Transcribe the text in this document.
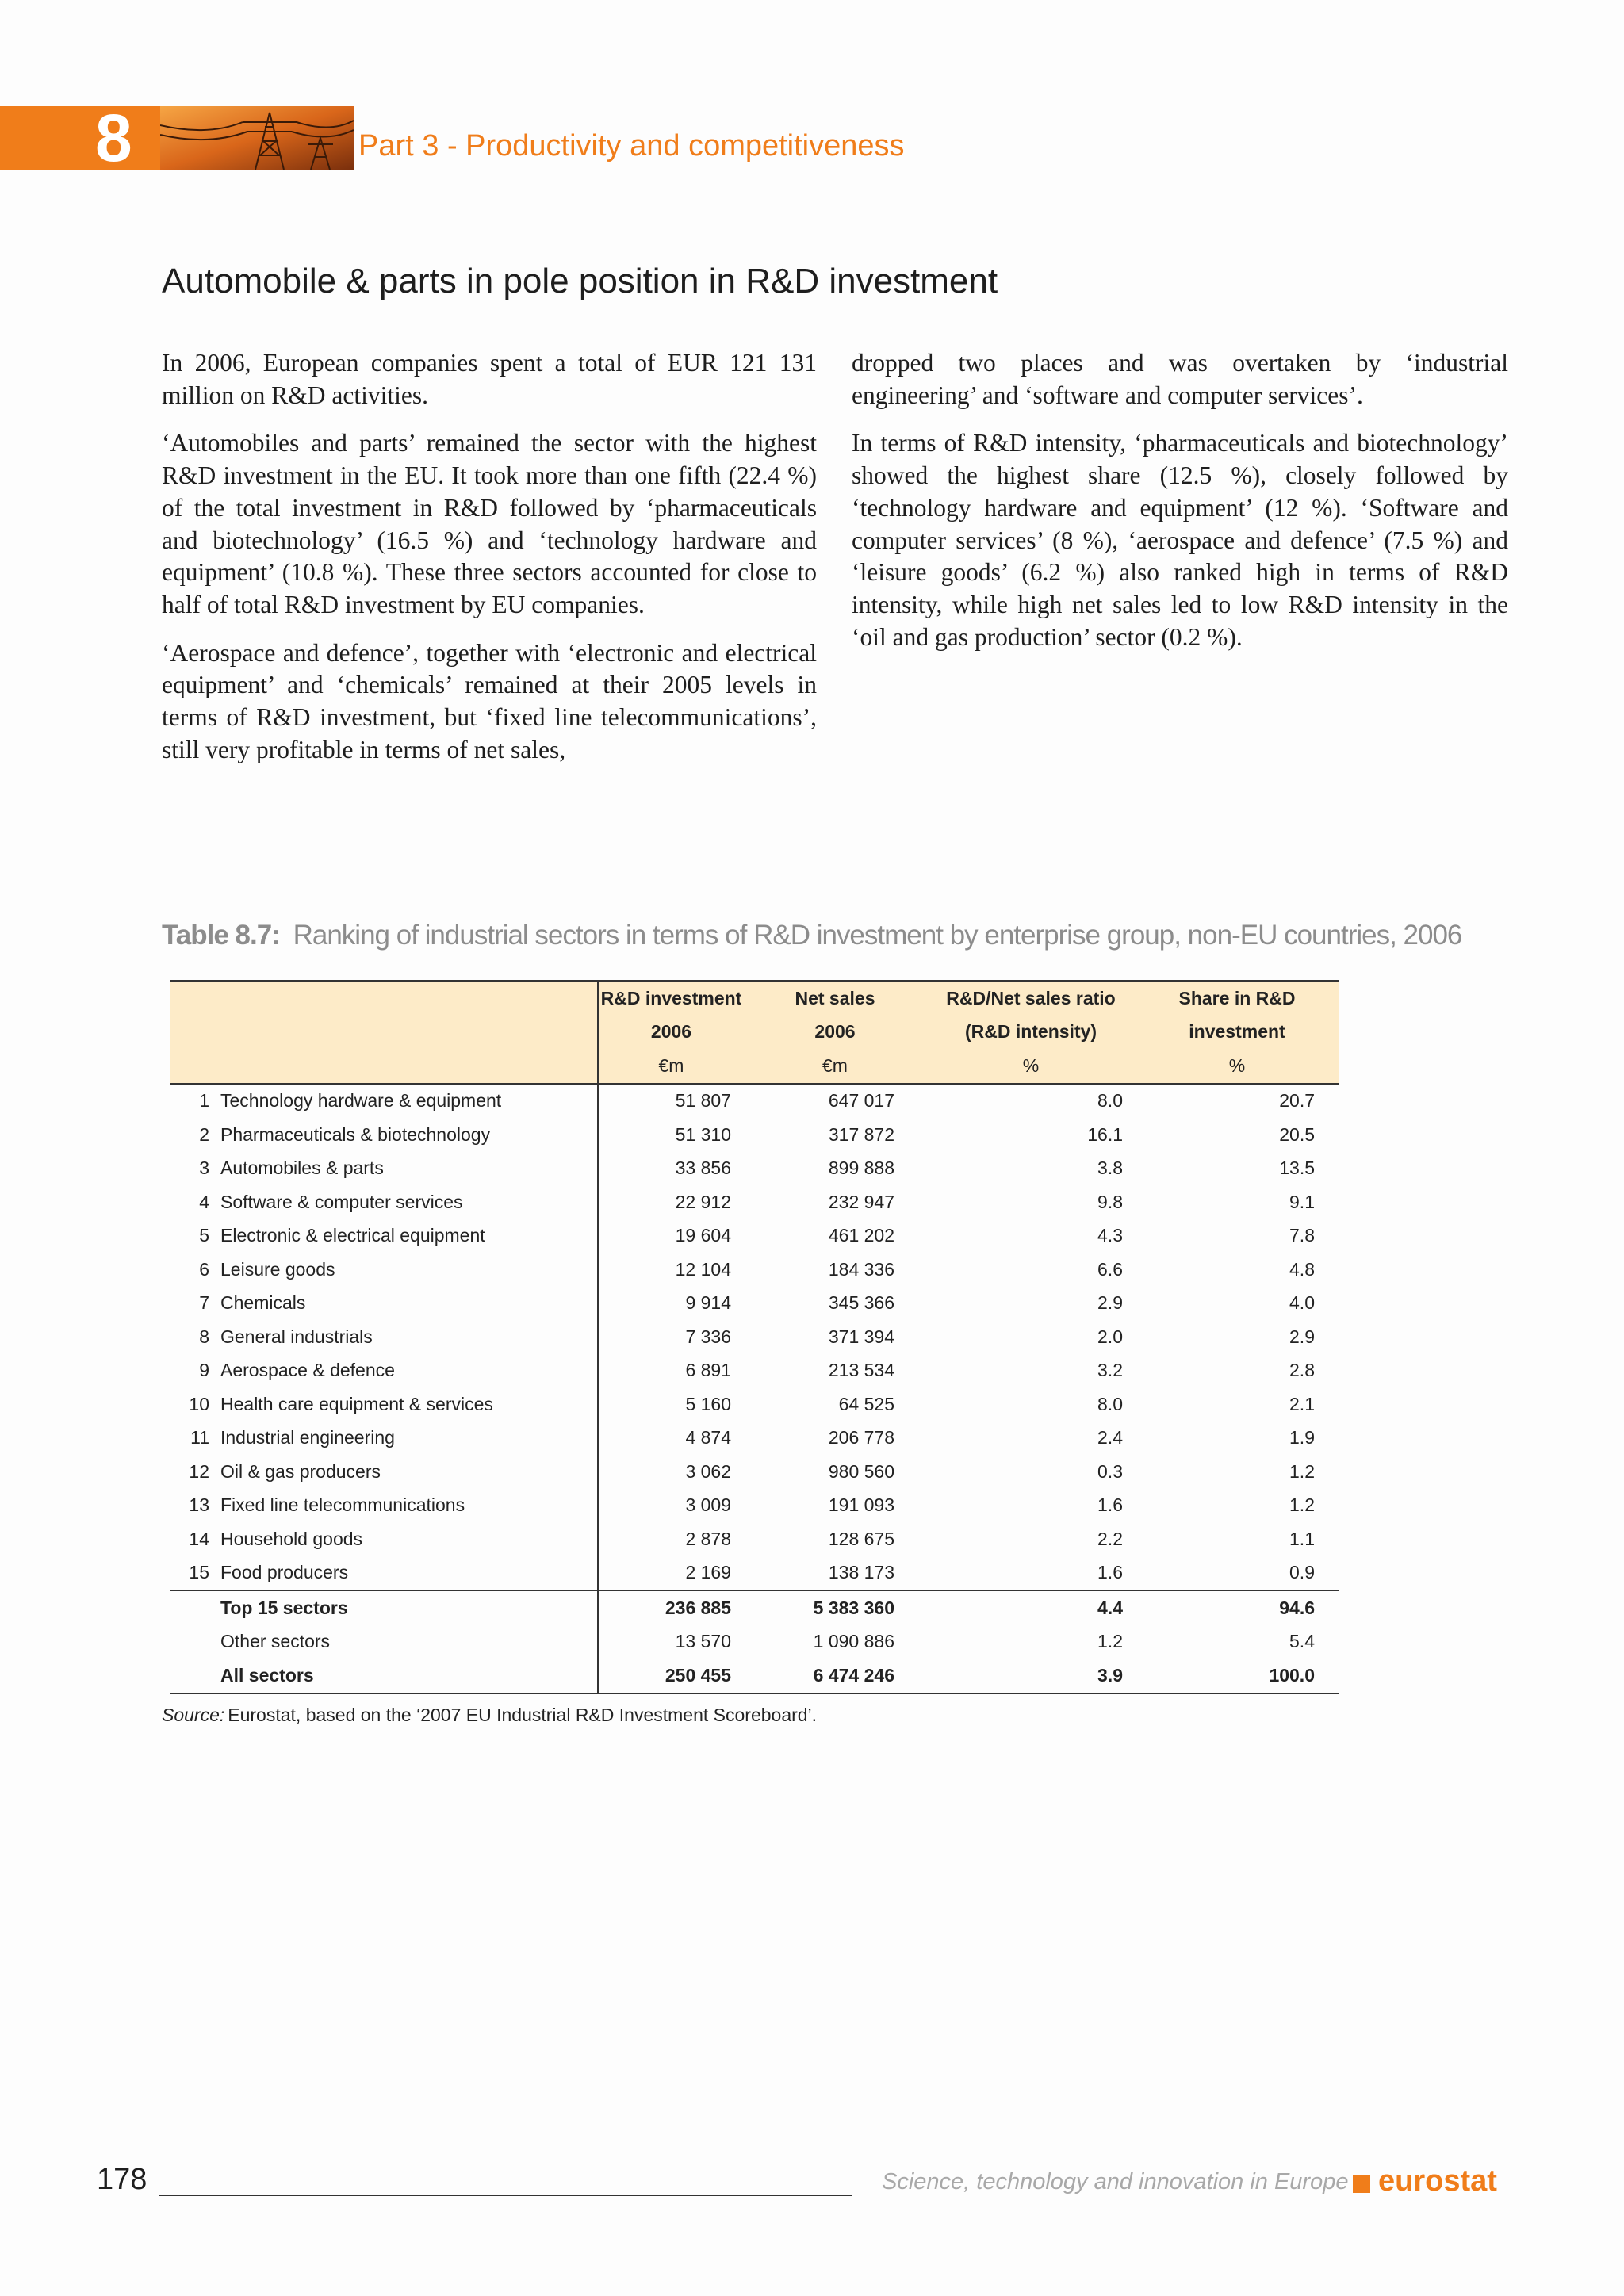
8	Part 3 - Productivity and competitiveness
Automobile & parts in pole position in R&D investment

In 2006, European companies spent a total of EUR 121 131 million on R&D activities.

‘Automobiles and parts’ remained the sector with the highest R&D investment in the EU. It took more than one fifth (22.4 %) of the total investment in R&D followed by ‘pharmaceuticals and biotechnology’ (16.5 %) and ‘technology hardware and equipment’ (10.8 %). These three sectors accounted for close to half of total R&D investment by EU companies.

‘Aerospace and defence’, together with ‘electronic and electrical equipment’ and ‘chemicals’ remained at their 2005 levels in terms of R&D investment, but ‘fixed line telecommunications’, still very profitable in terms of net sales,

dropped two places and was overtaken by ‘industrial engineering’ and ‘software and computer services’.

In terms of R&D intensity, ‘pharmaceuticals and biotechnology’ showed the highest share (12.5 %), closely followed by ‘technology hardware and equipment’ (12 %). ‘Software and computer services’ (8 %), ‘aerospace and defence’ (7.5 %) and ‘leisure goods’ (6.2 %) also ranked high in terms of R&D intensity, while high net sales led to low R&D intensity in the ‘oil and gas production’ sector (0.2 %).

Table 8.7: Ranking of industrial sectors in terms of R&D investment by enterprise group, non-EU countries, 2006
		R&D investment	Net sales	R&D/Net sales ratio	Share in R&D
		2006	2006	(R&D intensity)	investment
		€m	€m	%	%
1	Technology hardware & equipment	51 807	647 017	8.0	20.7
2	Pharmaceuticals & biotechnology	51 310	317 872	16.1	20.5
3	Automobiles & parts	33 856	899 888	3.8	13.5
4	Software & computer services	22 912	232 947	9.8	9.1
5	Electronic & electrical equipment	19 604	461 202	4.3	7.8
6	Leisure goods	12 104	184 336	6.6	4.8
7	Chemicals	9 914	345 366	2.9	4.0
8	General industrials	7 336	371 394	2.0	2.9
9	Aerospace & defence	6 891	213 534	3.2	2.8
10	Health care equipment & services	5 160	64 525	8.0	2.1
11	Industrial engineering	4 874	206 778	2.4	1.9
12	Oil & gas producers	3 062	980 560	0.3	1.2
13	Fixed line telecommunications	3 009	191 093	1.6	1.2
14	Household goods	2 878	128 675	2.2	1.1
15	Food producers	2 169	138 173	1.6	0.9
	Top 15 sectors	236 885	5 383 360	4.4	94.6
	Other sectors	13 570	1 090 886	1.2	5.4
	All sectors	250 455	6 474 246	3.9	100.0
Source: Eurostat, based on the ‘2007 EU Industrial R&D Investment Scoreboard’.
178	Science, technology and innovation in Europe eurostat
